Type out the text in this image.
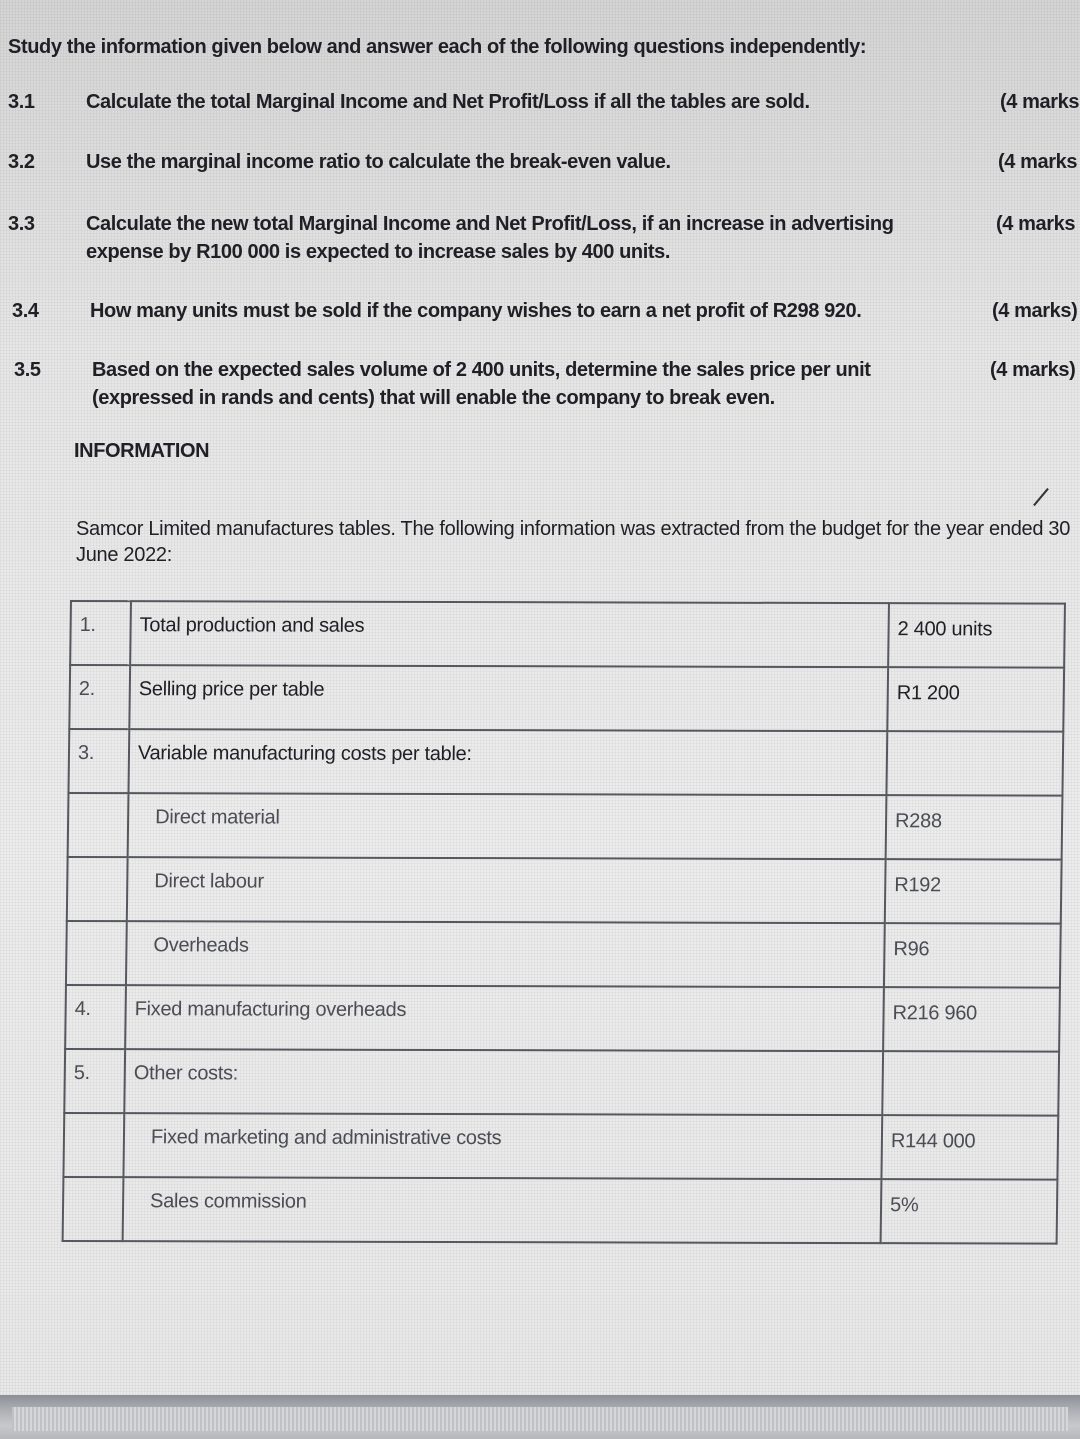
Study the information given below and answer each of the following questions independently:
3.1	Calculate the total Marginal Income and Net Profit/Loss if all the tables are sold.	(4 marks
3.2	Use the marginal income ratio to calculate the break-even value.	(4 marks
3.3	Calculate the new total Marginal Income and Net Profit/Loss, if an increase in advertising expense by R100 000 is expected to increase sales by 400 units.
(4 marks
3.4	How many units must be sold if the company wishes to earn a net profit of R298 920.	(4 marks)
3.5	Based on the expected sales volume of 2 400 units, determine the sales price per unit (expressed in rands and cents) that will enable the company to break even.
(4 marks)
INFORMATION
Samcor Limited manufactures tables. The following information was extracted from the budget for the year ended 30 June 2022:
1.	Total production and sales	2 400 units
2.	Selling price per table	R1 200
3.	Variable manufacturing costs per table:	
	Direct material	R288
	Direct labour	R192
	Overheads	R96
4.	Fixed manufacturing overheads	R216 960
5.	Other costs:	
	Fixed marketing and administrative costs	R144 000
	Sales commission	5%
